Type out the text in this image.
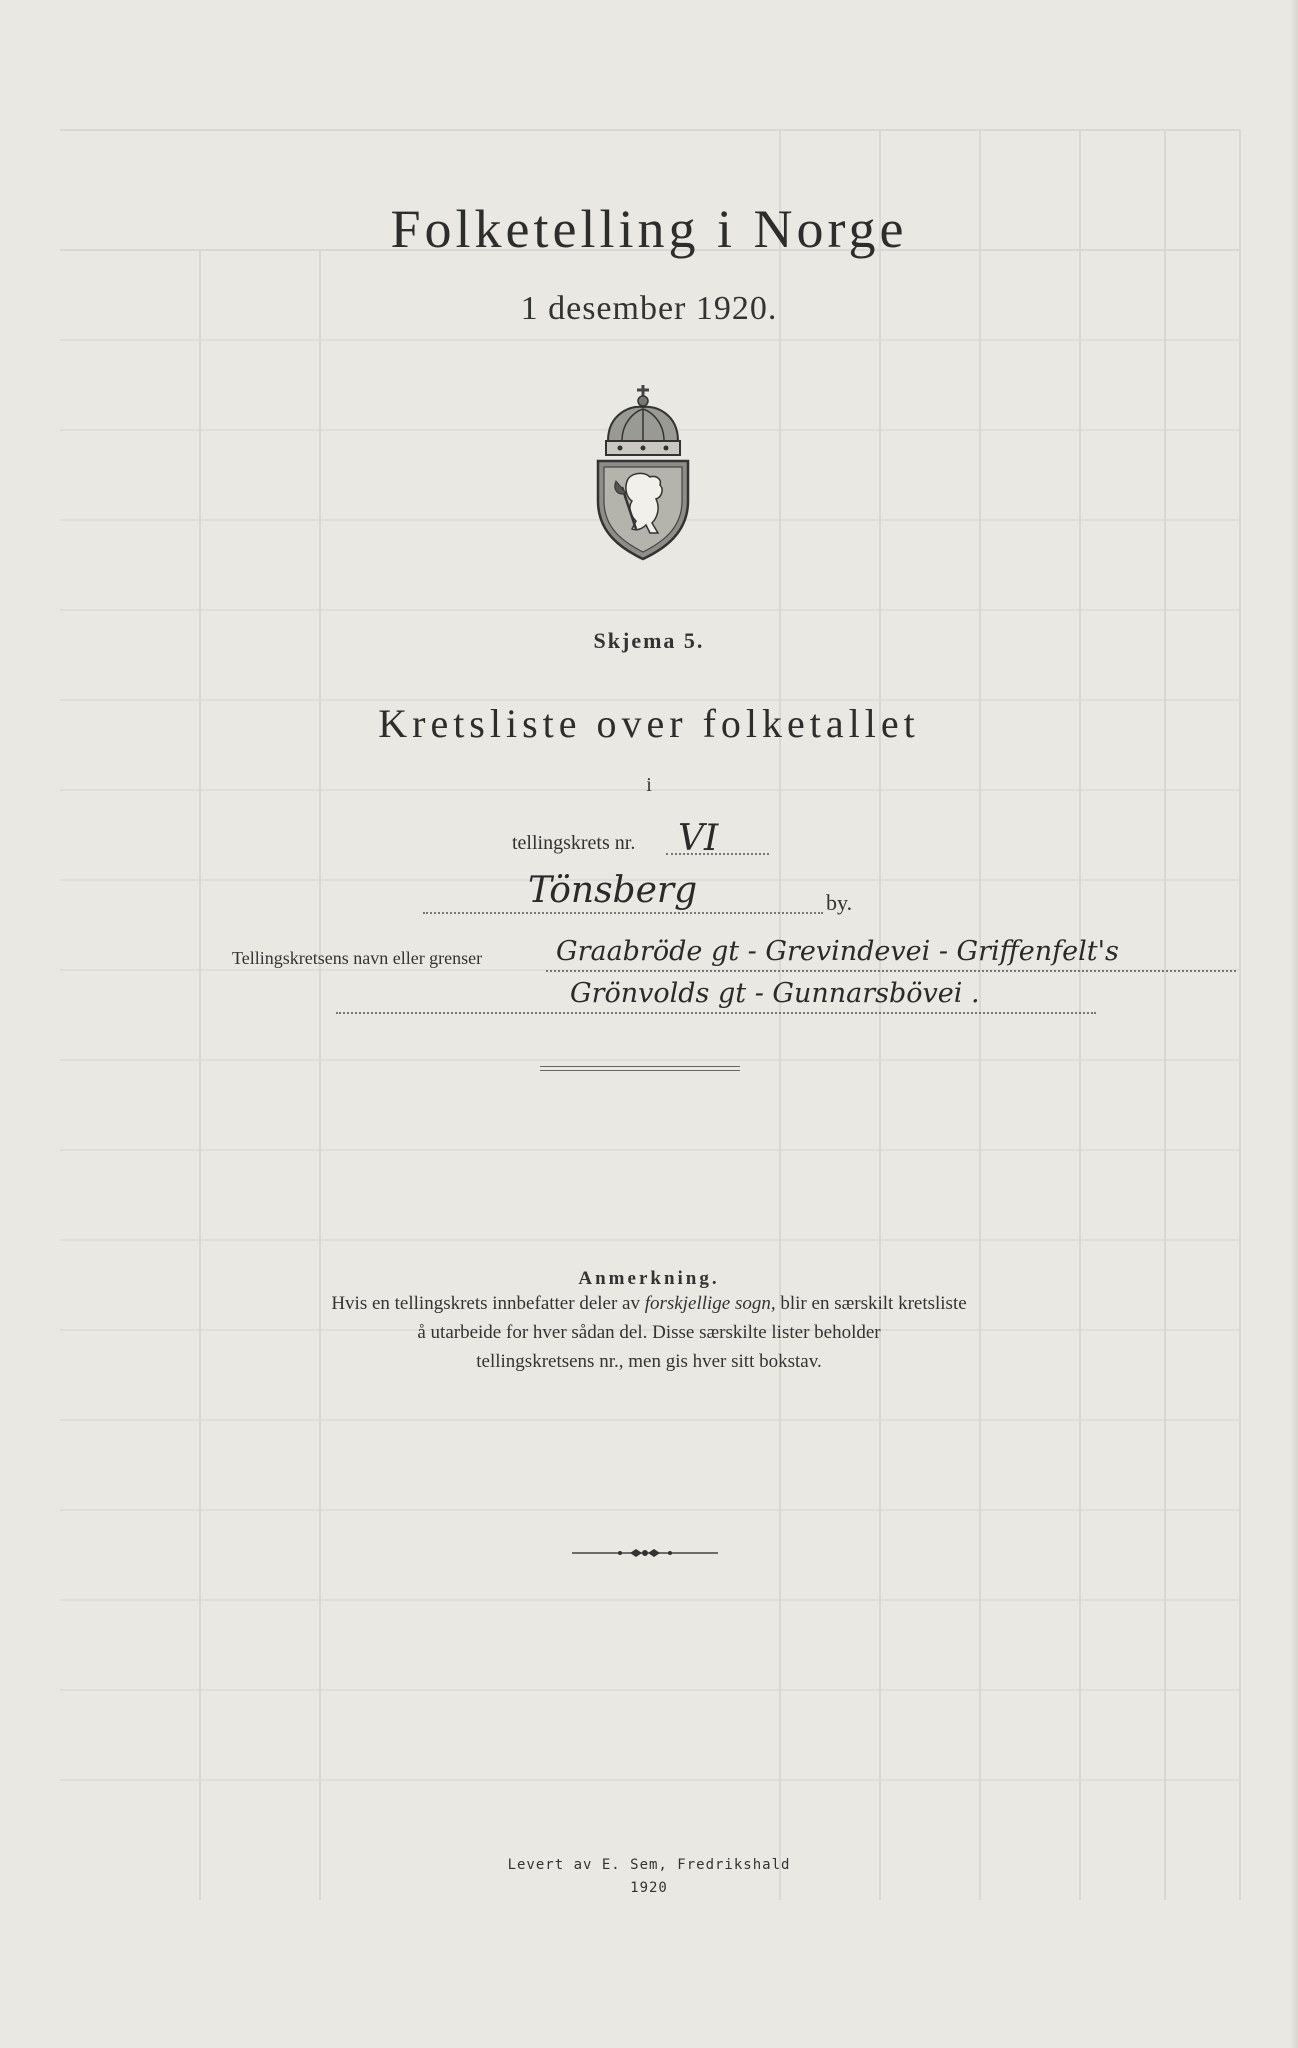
Folketelling i Norge
1 desember 1920.
Skjema 5.
Kretsliste over folketallet
i
tellingskrets nr. VI
Tönsberg	by.
Tellingskretsens navn eller grenser	Graabröde gt - Grevindevei - Griffenfelt's
Grönvolds gt - Gunnarsbövei .
Anmerkning.
Hvis en tellingskrets innbefatter deler av forskjellige sogn, blir en særskilt kretsliste
å utarbeide for hver sådan del. Disse særskilte lister beholder
tellingskretsens nr., men gis hver sitt bokstav.
Levert av E. Sem, Fredrikshald
1920
